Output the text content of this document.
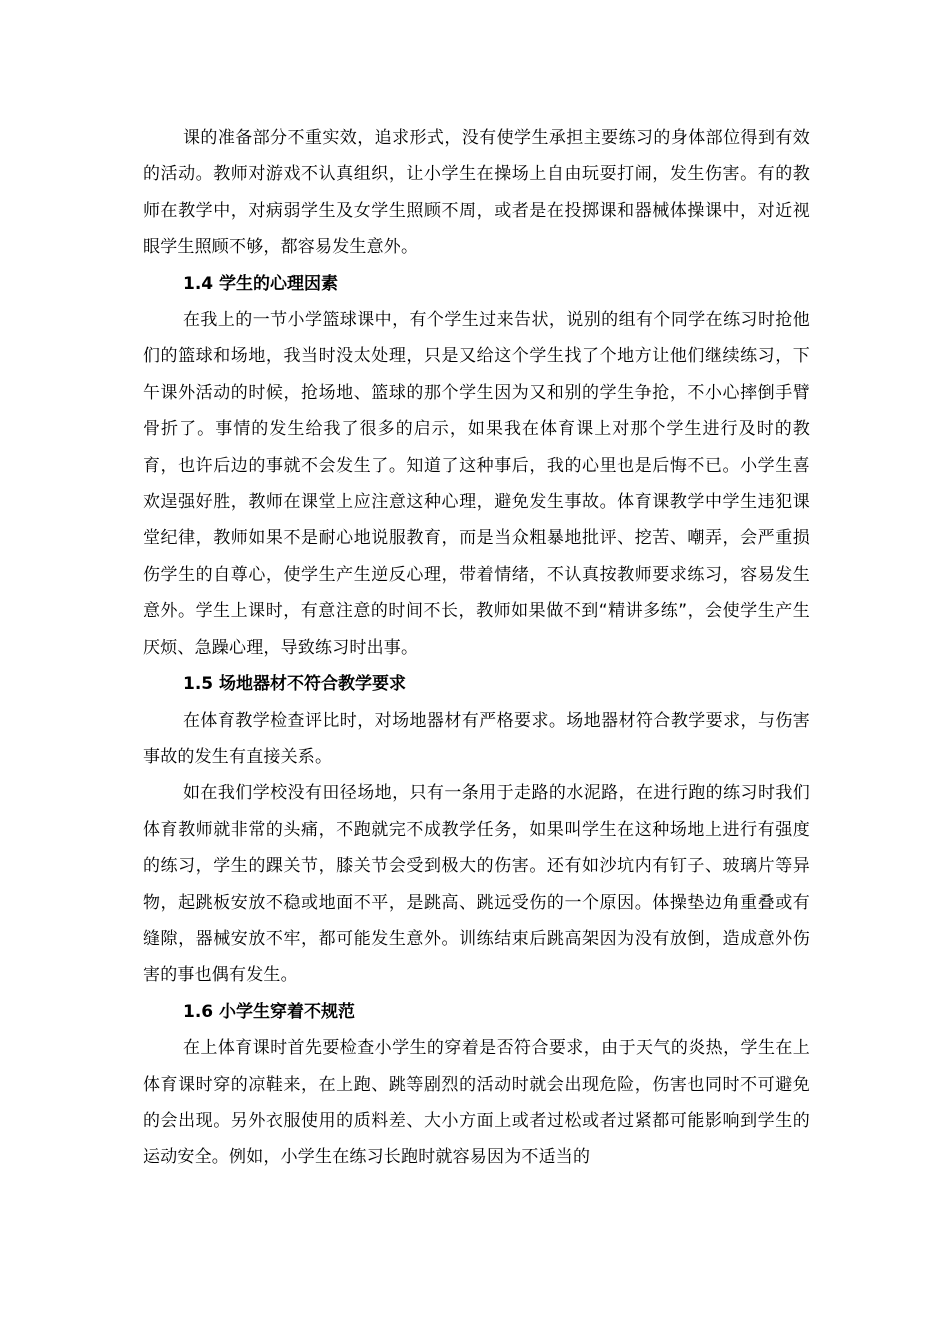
课的准备部分不重实效，追求形式，没有使学生承担主要练习的身体部位得到有效的活动。教师对游戏不认真组织，让小学生在操场上自由玩耍打闹，发生伤害。有的教师在教学中，对病弱学生及女学生照顾不周，或者是在投掷课和器械体操课中，对近视眼学生照顾不够，都容易发生意外。

1.4 学生的心理因素

在我上的一节小学篮球课中，有个学生过来告状，说别的组有个同学在练习时抢他们的篮球和场地，我当时没太处理，只是又给这个学生找了个地方让他们继续练习，下午课外活动的时候，抢场地、篮球的那个学生因为又和别的学生争抢，不小心摔倒手臂骨折了。事情的发生给我了很多的启示，如果我在体育课上对那个学生进行及时的教育，也许后边的事就不会发生了。知道了这种事后，我的心里也是后悔不已。小学生喜欢逞强好胜，教师在课堂上应注意这种心理，避免发生事故。体育课教学中学生违犯课堂纪律，教师如果不是耐心地说服教育，而是当众粗暴地批评、挖苦、嘲弄，会严重损伤学生的自尊心，使学生产生逆反心理，带着情绪，不认真按教师要求练习，容易发生意外。学生上课时，有意注意的时间不长，教师如果做不到“精讲多练”，会使学生产生厌烦、急躁心理，导致练习时出事。

1.5 场地器材不符合教学要求

在体育教学检查评比时，对场地器材有严格要求。场地器材符合教学要求，与伤害事故的发生有直接关系。

如在我们学校没有田径场地，只有一条用于走路的水泥路，在进行跑的练习时我们体育教师就非常的头痛，不跑就完不成教学任务，如果叫学生在这种场地上进行有强度的练习，学生的踝关节，膝关节会受到极大的伤害。还有如沙坑内有钉子、玻璃片等异物，起跳板安放不稳或地面不平，是跳高、跳远受伤的一个原因。体操垫边角重叠或有缝隙，器械安放不牢，都可能发生意外。训练结束后跳高架因为没有放倒，造成意外伤害的事也偶有发生。

1.6 小学生穿着不规范

在上体育课时首先要检查小学生的穿着是否符合要求，由于天气的炎热，学生在上体育课时穿的凉鞋来，在上跑、跳等剧烈的活动时就会出现危险，伤害也同时不可避免的会出现。另外衣服使用的质料差、大小方面上或者过松或者过紧都可能影响到学生的运动安全。例如，小学生在练习长跑时就容易因为不适当的
